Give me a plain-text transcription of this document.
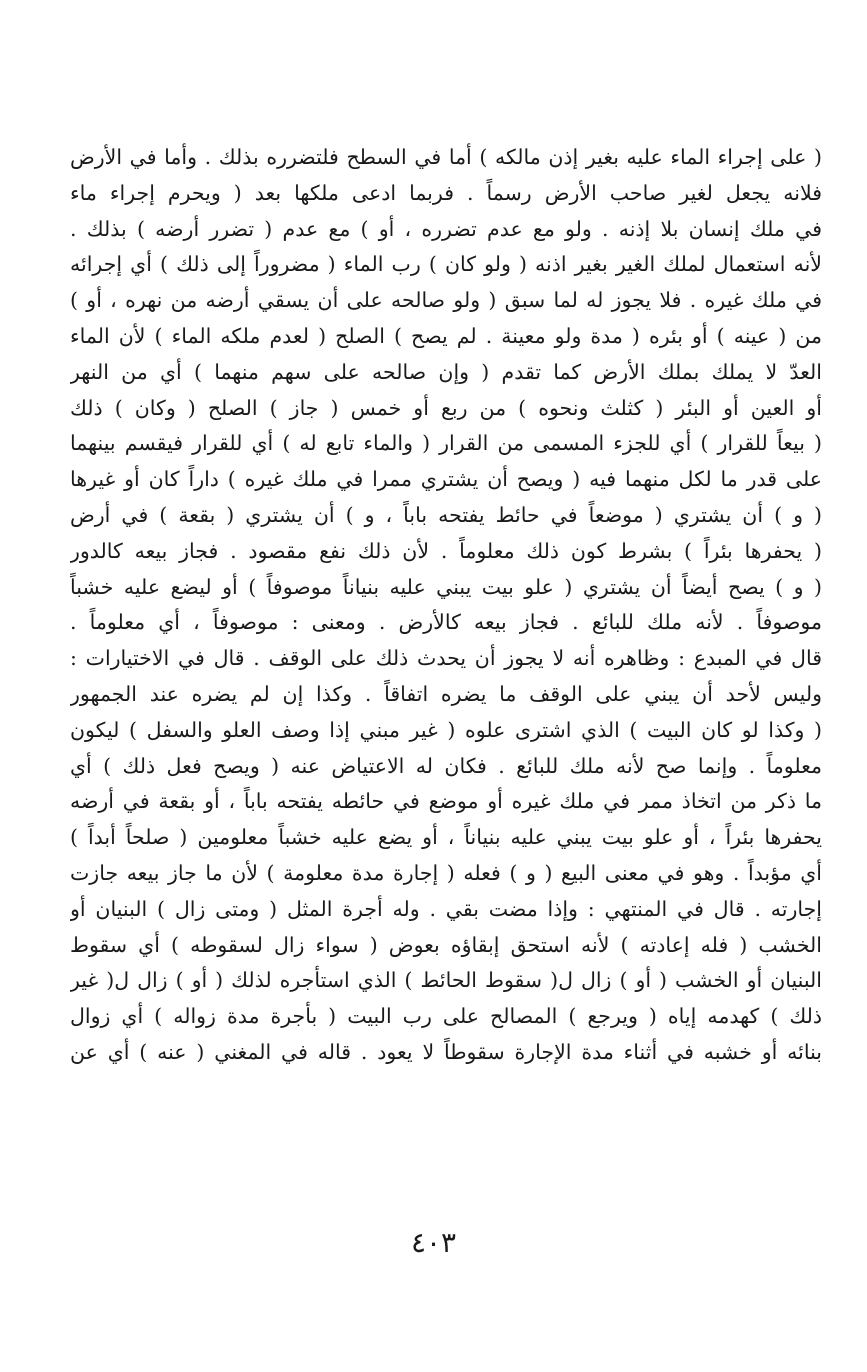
( على إجراء الماء عليه بغير إذن مالكه ) أما في السطح فلتضرره بذلك . وأما في الأرض
فلانه يجعل لغير صاحب الأرض رسماً . فربما ادعى ملكها بعد ( ويحرم إجراء ماء
في ملك إنسان بلا إذنه . ولو مع عدم تضرره ، أو ) مع عدم ( تضرر أرضه ) بذلك .
لأنه استعمال لملك الغير بغير اذنه ( ولو كان ) رب الماء ( مضروراً إلى ذلك ) أي إجرائه
في ملك غيره . فلا يجوز له لما سبق ( ولو صالحه على أن يسقي أرضه من نهره ، أو )
من ( عينه ) أو بئره ( مدة ولو معينة . لم يصح ) الصلح ( لعدم ملكه الماء ) لأن الماء
العدّ لا يملك بملك الأرض كما تقدم ( وإن صالحه على سهم منهما ) أي من النهر
أو العين أو البئر ( كثلث ونحوه ) من ربع أو خمس ( جاز ) الصلح ( وكان ) ذلك
( بيعاً للقرار ) أي للجزء المسمى من القرار ( والماء تابع له ) أي للقرار فيقسم بينهما
على قدر ما لكل منهما فيه ( ويصح أن يشتري ممرا في ملك غيره ) داراً كان أو غيرها
( و ) أن يشتري ( موضعاً في حائط يفتحه باباً ، و ) أن يشتري ( بقعة ) في أرض
( يحفرها بئراً ) بشرط كون ذلك معلوماً . لأن ذلك نفع مقصود . فجاز بيعه كالدور
( و ) يصح أيضاً أن يشتري ( علو بيت يبني عليه بنياناً موصوفاً ) أو ليضع عليه خشباً
موصوفاً . لأنه ملك للبائع . فجاز بيعه كالأرض . ومعنى : موصوفاً ، أي معلوماً .
قال في المبدع : وظاهره أنه لا يجوز أن يحدث ذلك على الوقف . قال في الاختيارات :
وليس لأحد أن يبني على الوقف ما يضره اتفاقاً . وكذا إن لم يضره عند الجمهور
( وكذا لو كان البيت ) الذي اشترى علوه ( غير مبني إذا وصف العلو والسفل ) ليكون
معلوماً . وإنما صح لأنه ملك للبائع . فكان له الاعتياض عنه ( ويصح فعل ذلك ) أي
ما ذكر من اتخاذ ممر في ملك غيره أو موضع في حائطه يفتحه باباً ، أو بقعة في أرضه
يحفرها بئراً ، أو علو بيت يبني عليه بنياناً ، أو يضع عليه خشباً معلومين ( صلحاً أبداً )
أي مؤبداً . وهو في معنى البيع ( و ) فعله ( إجارة مدة معلومة ) لأن ما جاز بيعه جازت
إجارته . قال في المنتهي : وإذا مضت بقي . وله أجرة المثل ( ومتى زال ) البنيان أو
الخشب ( فله إعادته ) لأنه استحق إبقاؤه بعوض ( سواء زال لسقوطه ) أي سقوط
البنيان أو الخشب ( أو ) زال ل( سقوط الحائط ) الذي استأجره لذلك ( أو ) زال ل( غير
ذلك ) كهدمه إياه ( ويرجع ) المصالح على رب البيت ( بأجرة مدة زواله ) أي زوال
بنائه أو خشبه في أثناء مدة الإجارة سقوطاً لا يعود . قاله في المغني ( عنه ) أي عن
٤٠٣
